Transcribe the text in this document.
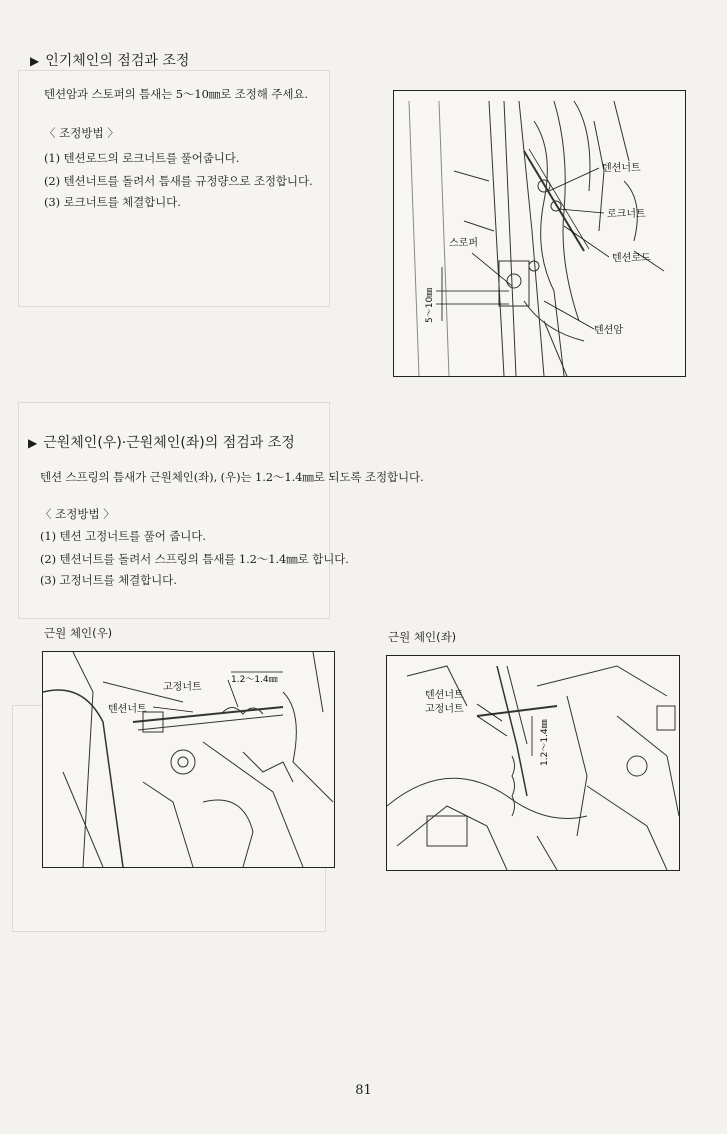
▶ 인기체인의 점검과 조정
텐션암과 스토퍼의 틈새는 5～10㎜로 조정해 주세요.
〈 조정방법 〉
(1) 텐션로드의 로크너트를 풀어줍니다.
(2) 텐션너트를 돌려서 틈새를 규정량으로 조정합니다.
(3) 로크너트를 체결합니다.
텐션너트
로크너트
텐션로드
스로퍼
텐션암
5～10㎜
▶ 근원체인(우)·근원체인(좌)의 점검과 조정
텐션 스프링의 틈새가 근원체인(좌), (우)는 1.2～1.4㎜로 되도록 조정합니다.
〈 조정방법 〉
(1) 텐션 고정너트를 풀어 줍니다.
(2) 텐션너트를 돌려서 스프링의 틈새를 1.2～1.4㎜로 합니다.
(3) 고정너트를 체결합니다.
근원 체인(우)	근원 체인(좌)
고정너트
텐션너트
1.2～1.4㎜
텐션너트
고정너트
1.2～1.4㎜
81
